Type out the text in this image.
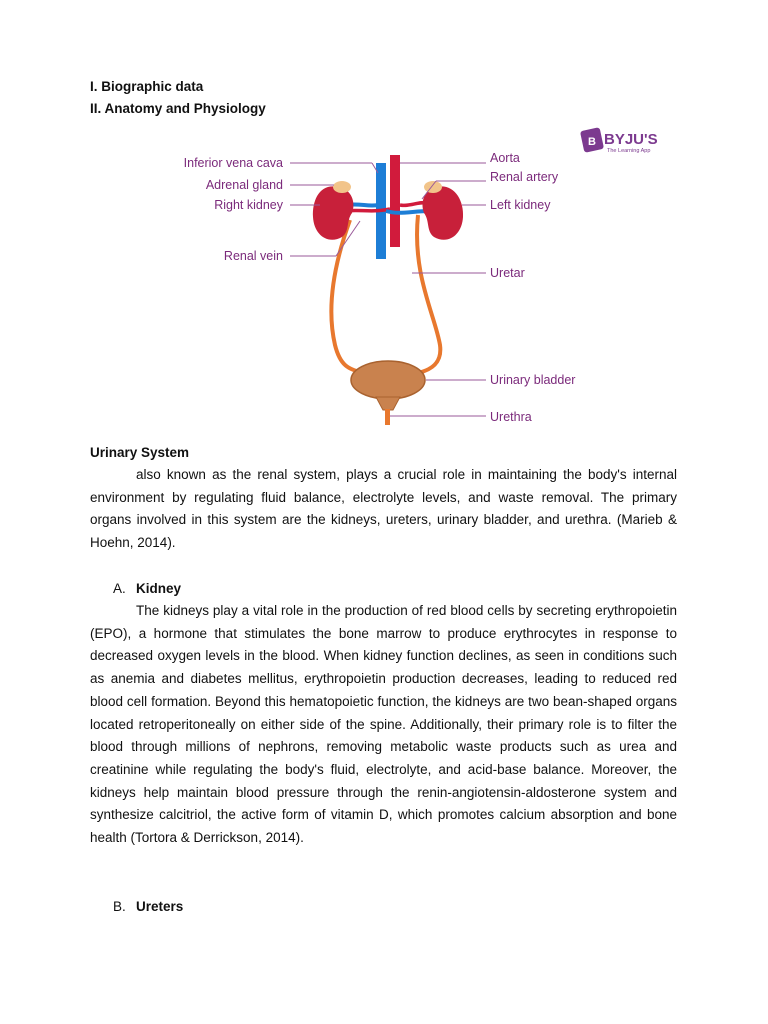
I. Biographic data
II. Anatomy and Physiology
B BYJU'S
The Learning App
Inferior vena cava
Adrenal gland
Right kidney
Renal vein
Aorta
Renal artery
Left kidney
Uretar
Urinary bladder
Urethra
Urinary System
also known as the renal system, plays a crucial role in maintaining the body's internal environment by regulating fluid balance, electrolyte levels, and waste removal. The primary organs involved in this system are the kidneys, ureters, urinary bladder, and urethra. (Marieb & Hoehn, 2014).
A. Kidney
The kidneys play a vital role in the production of red blood cells by secreting erythropoietin (EPO), a hormone that stimulates the bone marrow to produce erythrocytes in response to decreased oxygen levels in the blood. When kidney function declines, as seen in conditions such as anemia and diabetes mellitus, erythropoietin production decreases, leading to reduced red blood cell formation. Beyond this hematopoietic function, the kidneys are two bean-shaped organs located retroperitoneally on either side of the spine. Additionally, their primary role is to filter the blood through millions of nephrons, removing metabolic waste products such as urea and creatinine while regulating the body's fluid, electrolyte, and acid-base balance. Moreover, the kidneys help maintain blood pressure through the renin-angiotensin-aldosterone system and synthesize calcitriol, the active form of vitamin D, which promotes calcium absorption and bone health (Tortora & Derrickson, 2014).
B. Ureters
